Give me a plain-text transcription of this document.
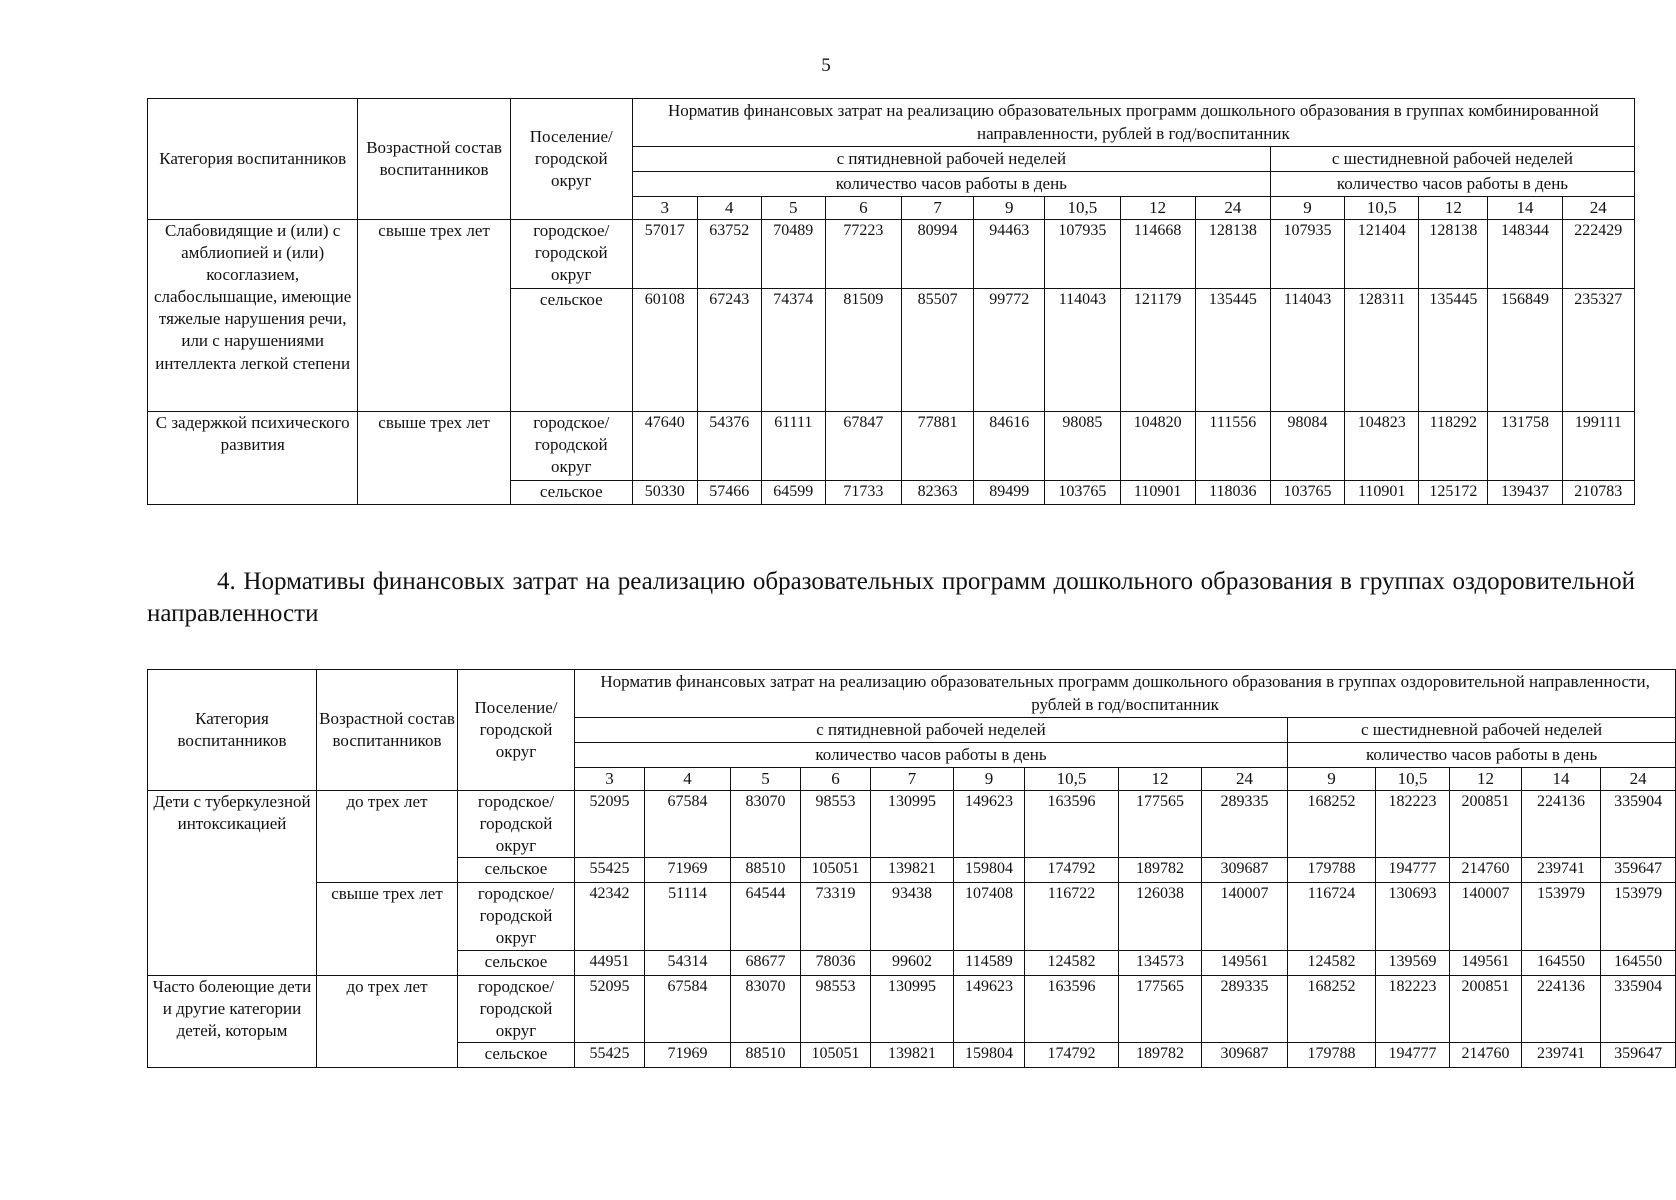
5
Категория воспитанников	Возрастной состав воспитанников	Поселение/ городской округ	Норматив финансовых затрат на реализацию образовательных программ дошкольного образования в группах комбинированной направленности, рублей в год/воспитанник													
			с пятидневной рабочей неделей									с шестидневной рабочей неделей				
			количество часов работы в день									количество часов работы в день				
			3	4	5	6	7	9	10,5	12	24	9	10,5	12	14	24
Слабовидящие и (или) с амблиопией и (или) косоглазием, слабослышащие, имеющие тяжелые нарушения речи, или с нарушениями интеллекта легкой степени	свыше трех лет	городское/ городской округ	57017	63752	70489	77223	80994	94463	107935	114668	128138	107935	121404	128138	148344	222429
		сельское	60108	67243	74374	81509	85507	99772	114043	121179	135445	114043	128311	135445	156849	235327
С задержкой психического развития	свыше трех лет	городское/ городской округ	47640	54376	61111	67847	77881	84616	98085	104820	111556	98084	104823	118292	131758	199111
		сельское	50330	57466	64599	71733	82363	89499	103765	110901	118036	103765	110901	125172	139437	210783
4. Нормативы финансовых затрат на реализацию образовательных программ дошкольного образования в группах оздоровительной направленности
Категория воспитанников	Возрастной состав воспитанников	Поселение/ городской округ	Норматив финансовых затрат на реализацию образовательных программ дошкольного образования в группах оздоровительной направленности, рублей в год/воспитанник													
			с пятидневной рабочей неделей									с шестидневной рабочей неделей				
			количество часов работы в день									количество часов работы в день				
			3	4	5	6	7	9	10,5	12	24	9	10,5	12	14	24
Дети с туберкулезной интоксикацией	до трех лет	городское/ городской округ	52095	67584	83070	98553	130995	149623	163596	177565	289335	168252	182223	200851	224136	335904
		сельское	55425	71969	88510	105051	139821	159804	174792	189782	309687	179788	194777	214760	239741	359647
	свыше трех лет	городское/ городской округ	42342	51114	64544	73319	93438	107408	116722	126038	140007	116724	130693	140007	153979	153979
		сельское	44951	54314	68677	78036	99602	114589	124582	134573	149561	124582	139569	149561	164550	164550
Часто болеющие дети и другие категории детей, которым	до трех лет	городское/ городской округ	52095	67584	83070	98553	130995	149623	163596	177565	289335	168252	182223	200851	224136	335904
		сельское	55425	71969	88510	105051	139821	159804	174792	189782	309687	179788	194777	214760	239741	359647
